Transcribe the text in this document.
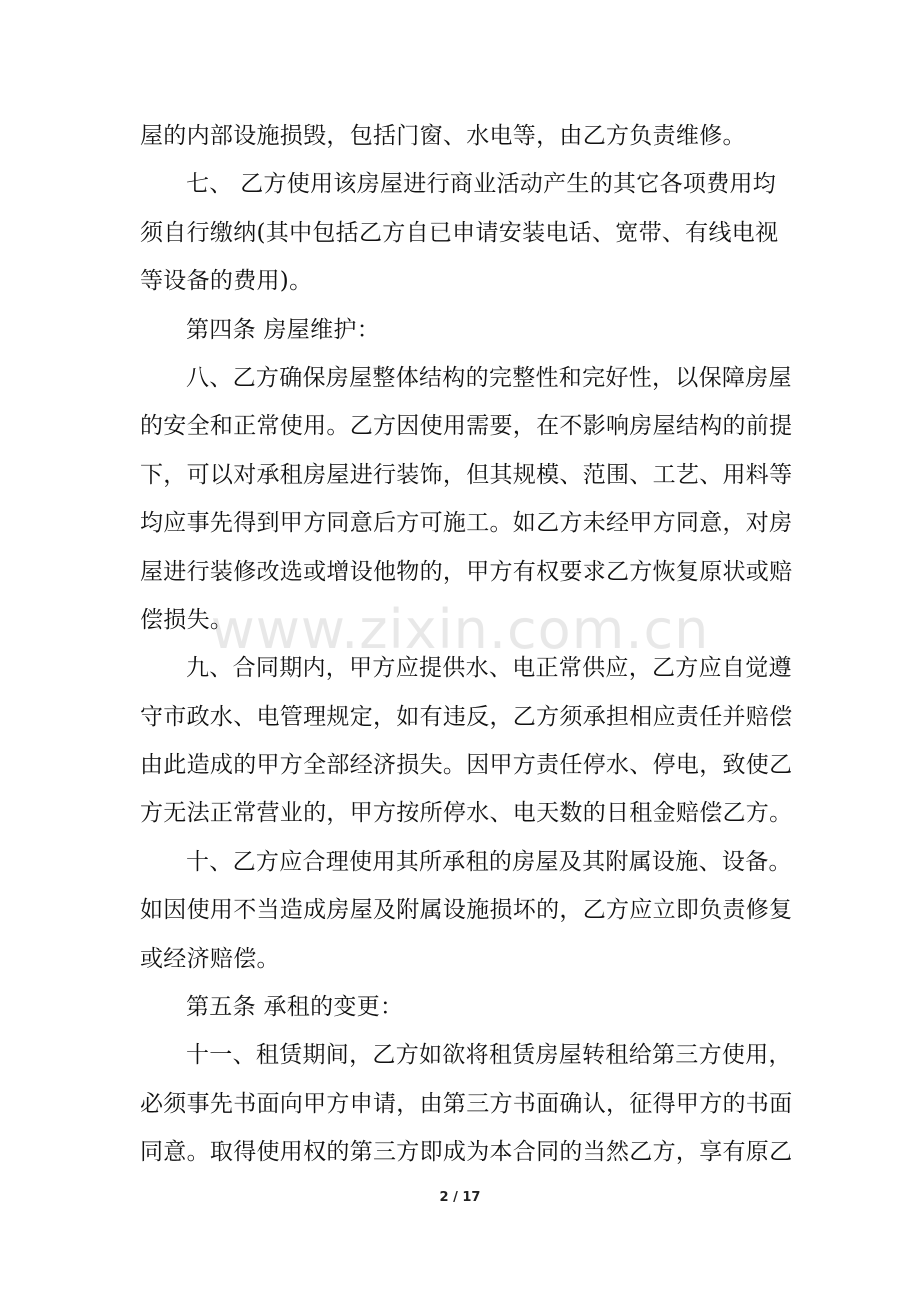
屋的内部设施损毁，包括门窗、水电等，由乙方负责维修。
七、 乙方使用该房屋进行商业活动产生的其它各项费用均
须自行缴纳(其中包括乙方自已申请安装电话、宽带、有线电视
等设备的费用)。
第四条 房屋维护：
八、乙方确保房屋整体结构的完整性和完好性，以保障房屋
的安全和正常使用。乙方因使用需要，在不影响房屋结构的前提
下，可以对承租房屋进行装饰，但其规模、范围、工艺、用料等
均应事先得到甲方同意后方可施工。如乙方未经甲方同意，对房
屋进行装修改选或增设他物的，甲方有权要求乙方恢复原状或赔
偿损失。
九、合同期内，甲方应提供水、电正常供应，乙方应自觉遵
守市政水、电管理规定，如有违反，乙方须承担相应责任并赔偿
由此造成的甲方全部经济损失。因甲方责任停水、停电，致使乙
方无法正常营业的，甲方按所停水、电天数的日租金赔偿乙方。
十、乙方应合理使用其所承租的房屋及其附属设施、设备。
如因使用不当造成房屋及附属设施损坏的，乙方应立即负责修复
或经济赔偿。
第五条 承租的变更：
十一、租赁期间，乙方如欲将租赁房屋转租给第三方使用，
必须事先书面向甲方申请，由第三方书面确认，征得甲方的书面
同意。取得使用权的第三方即成为本合同的当然乙方，享有原乙
www.zixin.com.cn
2 / 17
